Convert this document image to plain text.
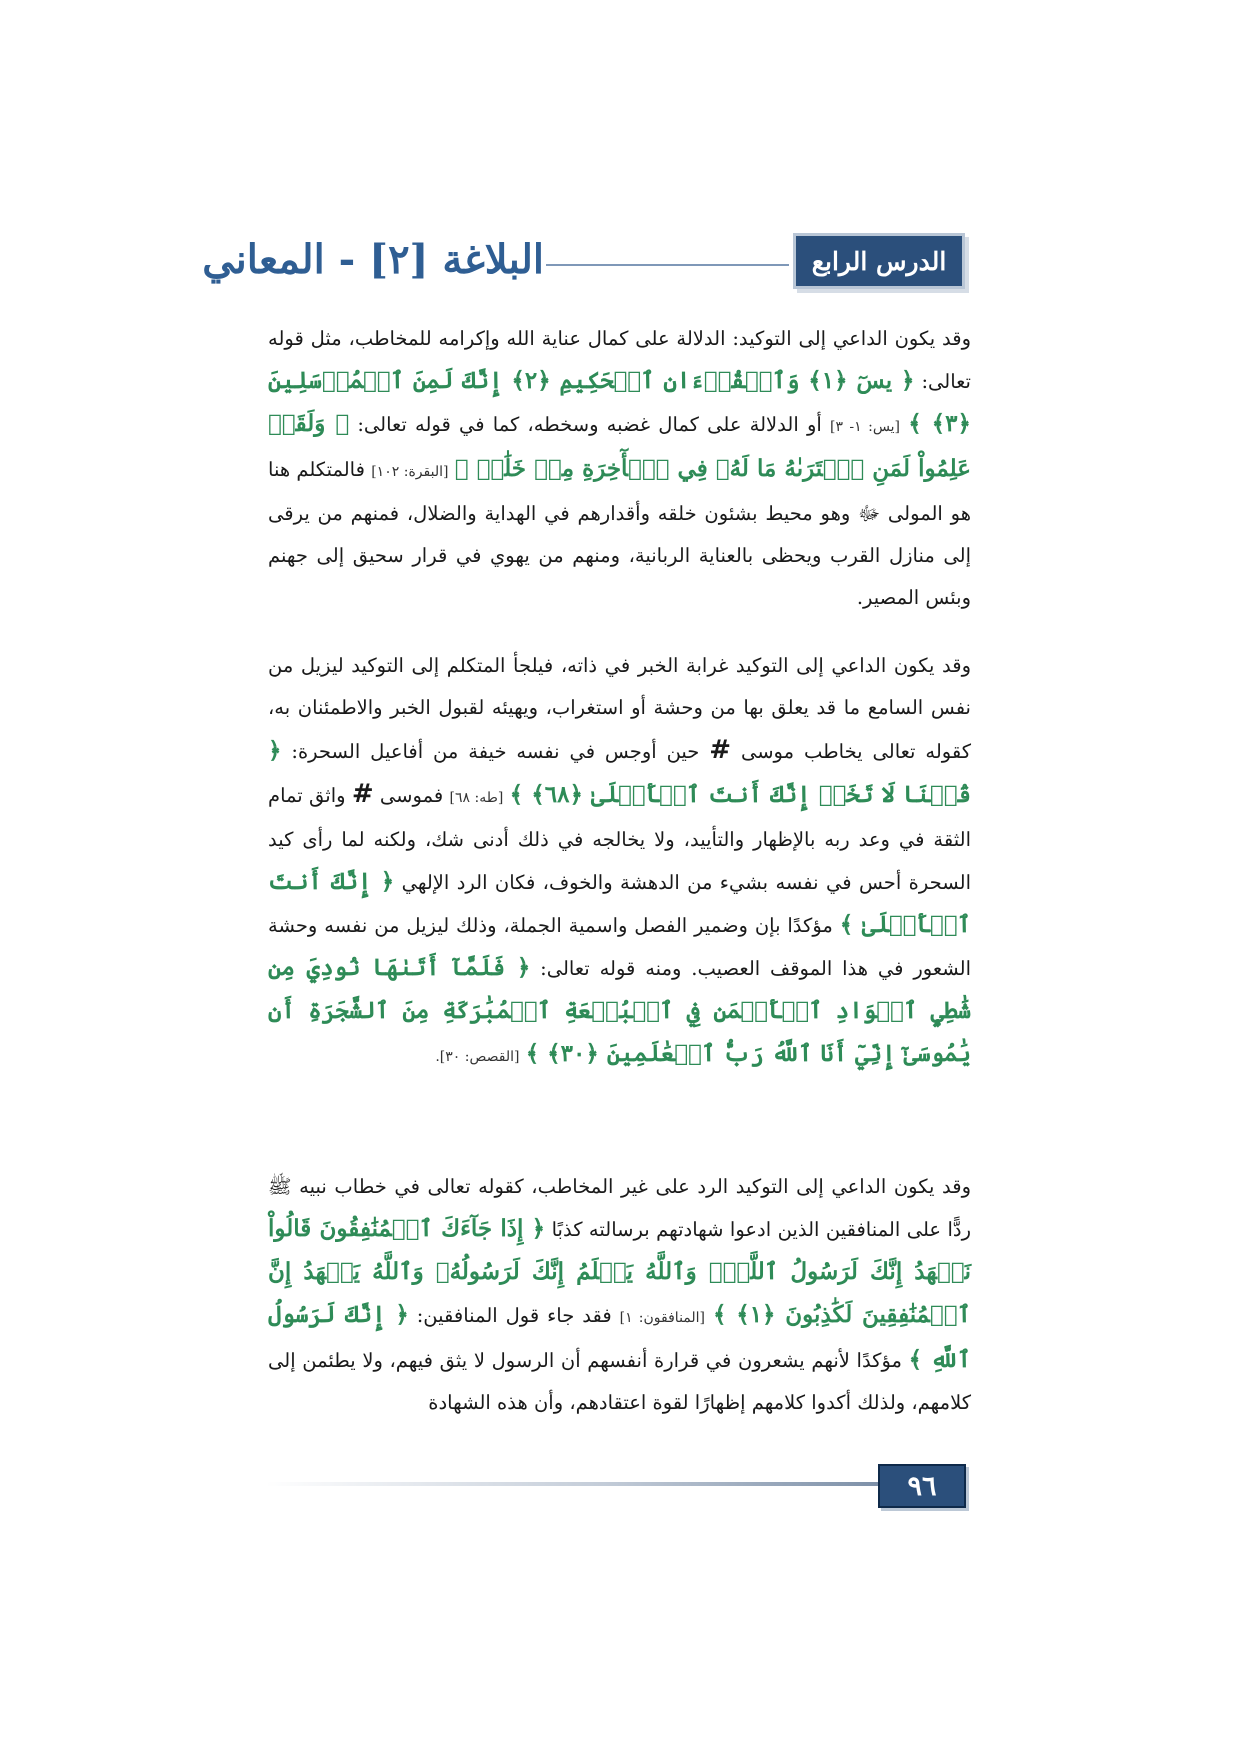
الدرس الرابع
البلاغة [٢] - المعاني
وقد يكون الداعي إلى التوكيد: الدلالة على كمال عناية الله وإكرامه للمخاطب، مثل قوله تعالى: ﴿ يسٓ ﴿١﴾ وَٱلۡقُرۡءَانِ ٱلۡحَكِيمِ ﴿٢﴾ إِنَّكَ لَمِنَ ٱلۡمُرۡسَلِينَ ﴿٣﴾ ﴾ [يس: ١- ٣] أو الدلالة على كمال غضبه وسخطه، كما في قوله تعالى: ﴿ وَلَقَدۡ عَلِمُواْ لَمَنِ ٱشۡتَرَىٰهُ مَا لَهُۥ فِي ٱلۡأٓخِرَةِ مِنۡ خَلَٰقٖ ﴾ [البقرة: ١٠٢] فالمتكلم هنا هو المولى ﷻ وهو محيط بشئون خلقه وأقدارهم في الهداية والضلال، فمنهم من يرقى إلى منازل القرب ويحظى بالعناية الربانية، ومنهم من يهوي في قرار سحيق إلى جهنم وبئس المصير.
وقد يكون الداعي إلى التوكيد غرابة الخبر في ذاته، فيلجأ المتكلم إلى التوكيد ليزيل من نفس السامع ما قد يعلق بها من وحشة أو استغراب، ويهيئه لقبول الخبر والاطمئنان به، كقوله تعالى يخاطب موسى # حين أوجس في نفسه خيفة من أفاعيل السحرة: ﴿ قُلۡنَا لَا تَخَفۡ إِنَّكَ أَنتَ ٱلۡأَعۡلَىٰ ﴿٦٨﴾ ﴾ [طه: ٦٨] فموسى # واثق تمام الثقة في وعد ربه بالإظهار والتأييد، ولا يخالجه في ذلك أدنى شك، ولكنه لما رأى كيد السحرة أحس في نفسه بشيء من الدهشة والخوف، فكان الرد الإلهي ﴿ إِنَّكَ أَنتَ ٱلۡأَعۡلَىٰ ﴾ مؤكدًا بإن وضمير الفصل واسمية الجملة، وذلك ليزيل من نفسه وحشة الشعور في هذا الموقف العصيب. ومنه قوله تعالى: ﴿ فَلَمَّآ أَتَىٰهَا نُودِيَ مِن شَٰطِيِٕ ٱلۡوَادِ ٱلۡأَيۡمَنِ فِي ٱلۡبُقۡعَةِ ٱلۡمُبَٰرَكَةِ مِنَ ٱلشَّجَرَةِ أَن يَٰمُوسَىٰٓ إِنِّيٓ أَنَا ٱللَّهُ رَبُّ ٱلۡعَٰلَمِينَ ﴿٣٠﴾ ﴾ [القصص: ٣٠].
وقد يكون الداعي إلى التوكيد الرد على غير المخاطب، كقوله تعالى في خطاب نبيه ﷺ ردًّا على المنافقين الذين ادعوا شهادتهم برسالته كذبًا ﴿ إِذَا جَآءَكَ ٱلۡمُنَٰفِقُونَ قَالُواْ نَشۡهَدُ إِنَّكَ لَرَسُولُ ٱللَّهِۗ وَٱللَّهُ يَعۡلَمُ إِنَّكَ لَرَسُولُهُۥ وَٱللَّهُ يَشۡهَدُ إِنَّ ٱلۡمُنَٰفِقِينَ لَكَٰذِبُونَ ﴿١﴾ ﴾ [المنافقون: ١] فقد جاء قول المنافقين: ﴿ إِنَّكَ لَرَسُولُ ٱللَّهِ ﴾ مؤكدًا لأنهم يشعرون في قرارة أنفسهم أن الرسول لا يثق فيهم، ولا يطئمن إلى كلامهم، ولذلك أكدوا كلامهم إظهارًا لقوة اعتقادهم، وأن هذه الشهادة
٩٦
